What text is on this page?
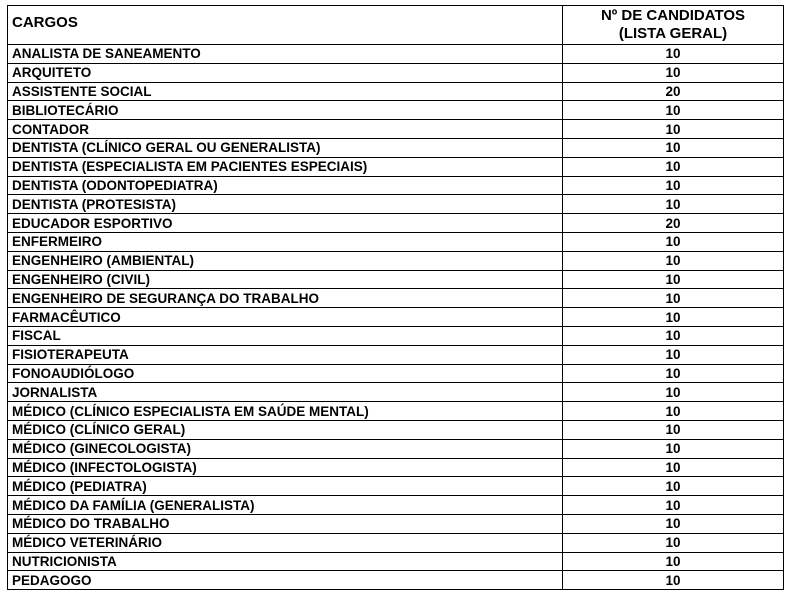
CARGOS	Nº DE CANDIDATOS
(LISTA GERAL)

ANALISTA DE SANEAMENTO	10
ARQUITETO	10
ASSISTENTE SOCIAL	20
BIBLIOTECÁRIO	10
CONTADOR	10
DENTISTA (CLÍNICO GERAL OU GENERALISTA)	10
DENTISTA (ESPECIALISTA EM PACIENTES ESPECIAIS)	10
DENTISTA (ODONTOPEDIATRA)	10
DENTISTA (PROTESISTA)	10
EDUCADOR ESPORTIVO	20
ENFERMEIRO	10
ENGENHEIRO (AMBIENTAL)	10
ENGENHEIRO (CIVIL)	10
ENGENHEIRO DE SEGURANÇA DO TRABALHO	10
FARMACÊUTICO	10
FISCAL	10
FISIOTERAPEUTA	10
FONOAUDIÓLOGO	10
JORNALISTA	10
MÉDICO (CLÍNICO ESPECIALISTA EM SAÚDE MENTAL)	10
MÉDICO (CLÍNICO GERAL)	10
MÉDICO (GINECOLOGISTA)	10
MÉDICO (INFECTOLOGISTA)	10
MÉDICO (PEDIATRA)	10
MÉDICO DA FAMÍLIA (GENERALISTA)	10
MÉDICO DO TRABALHO	10
MÉDICO VETERINÁRIO	10
NUTRICIONISTA	10
PEDAGOGO	10
